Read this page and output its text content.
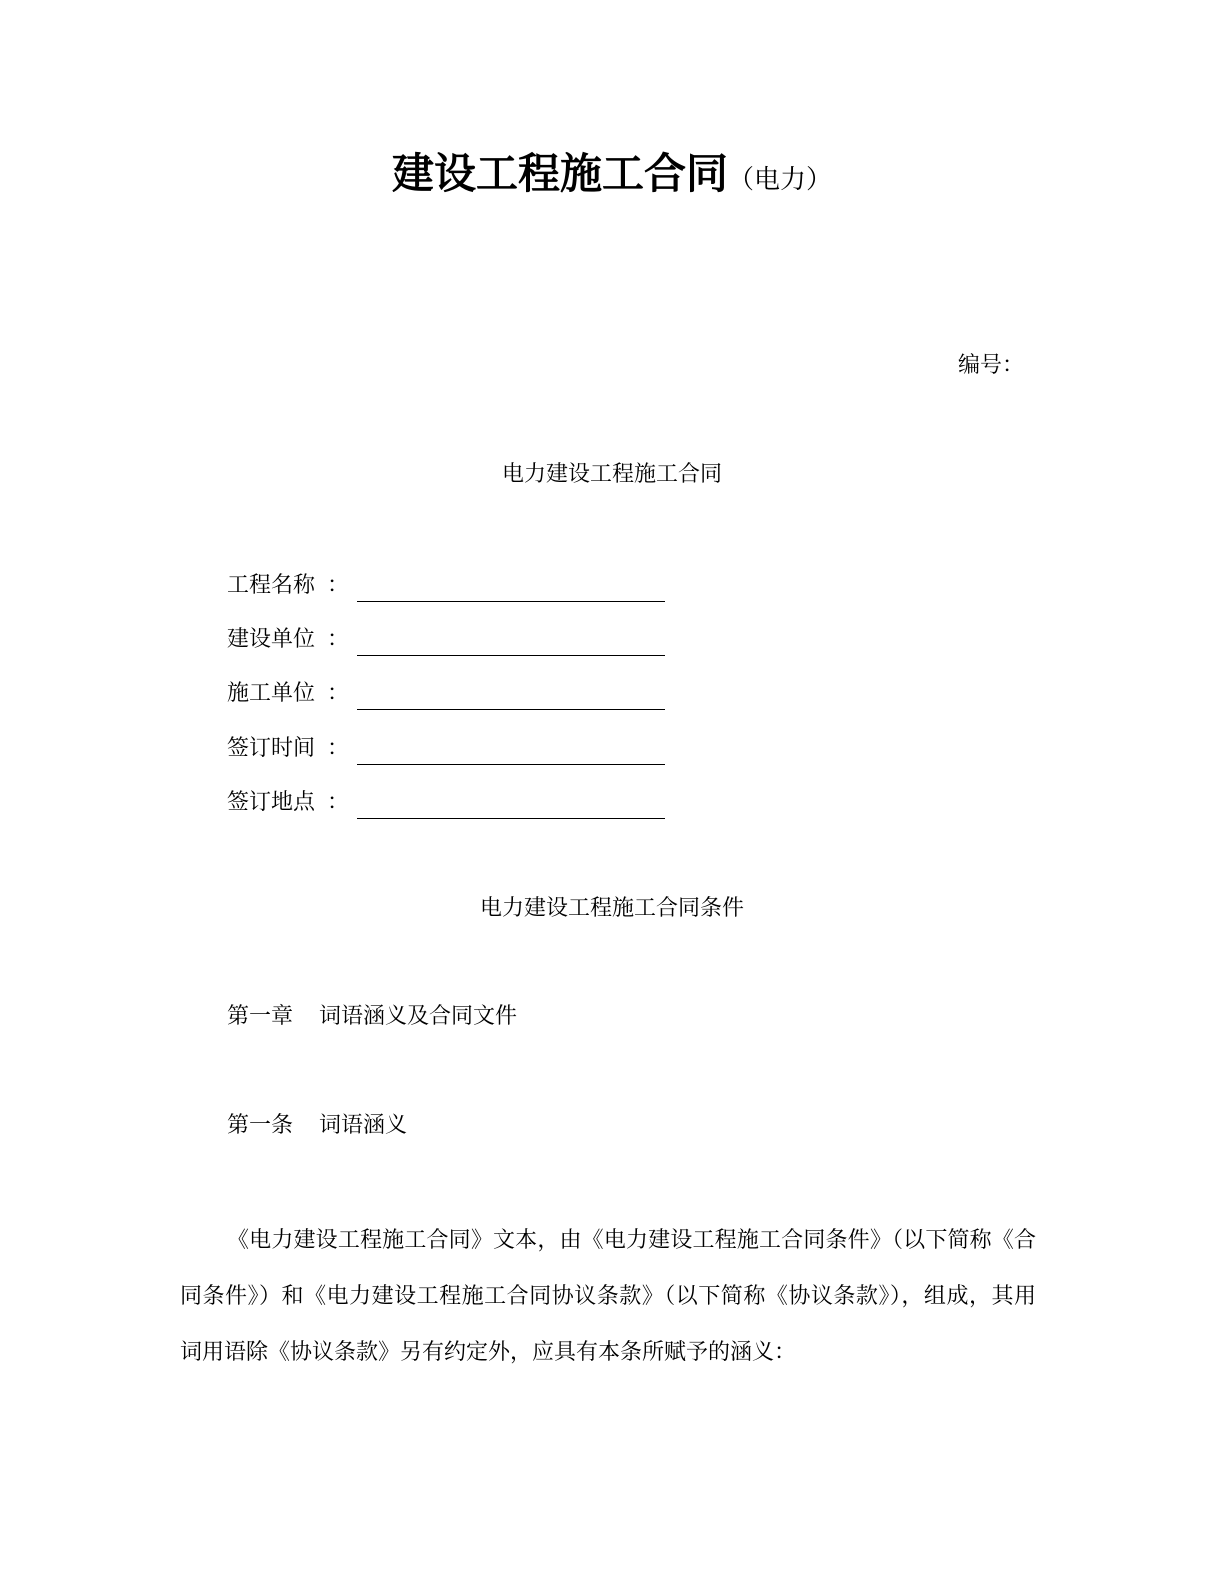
建设工程施工合同（电力）
编号：
电力建设工程施工合同
工程名称 ：
建设单位 ：
施工单位 ：
签订时间 ：
签订地点 ：
电力建设工程施工合同条件
第一章 词语涵义及合同文件
第一条 词语涵义

《电力建设工程施工合同》文本，由《电力建设工程施工合同条件》（以下简称《合同条件》）和《电力建设工程施工合同协议条款》（以下简称《协议条款》），组成，其用词用语除《协议条款》另有约定外，应具有本条所赋予的涵义：
